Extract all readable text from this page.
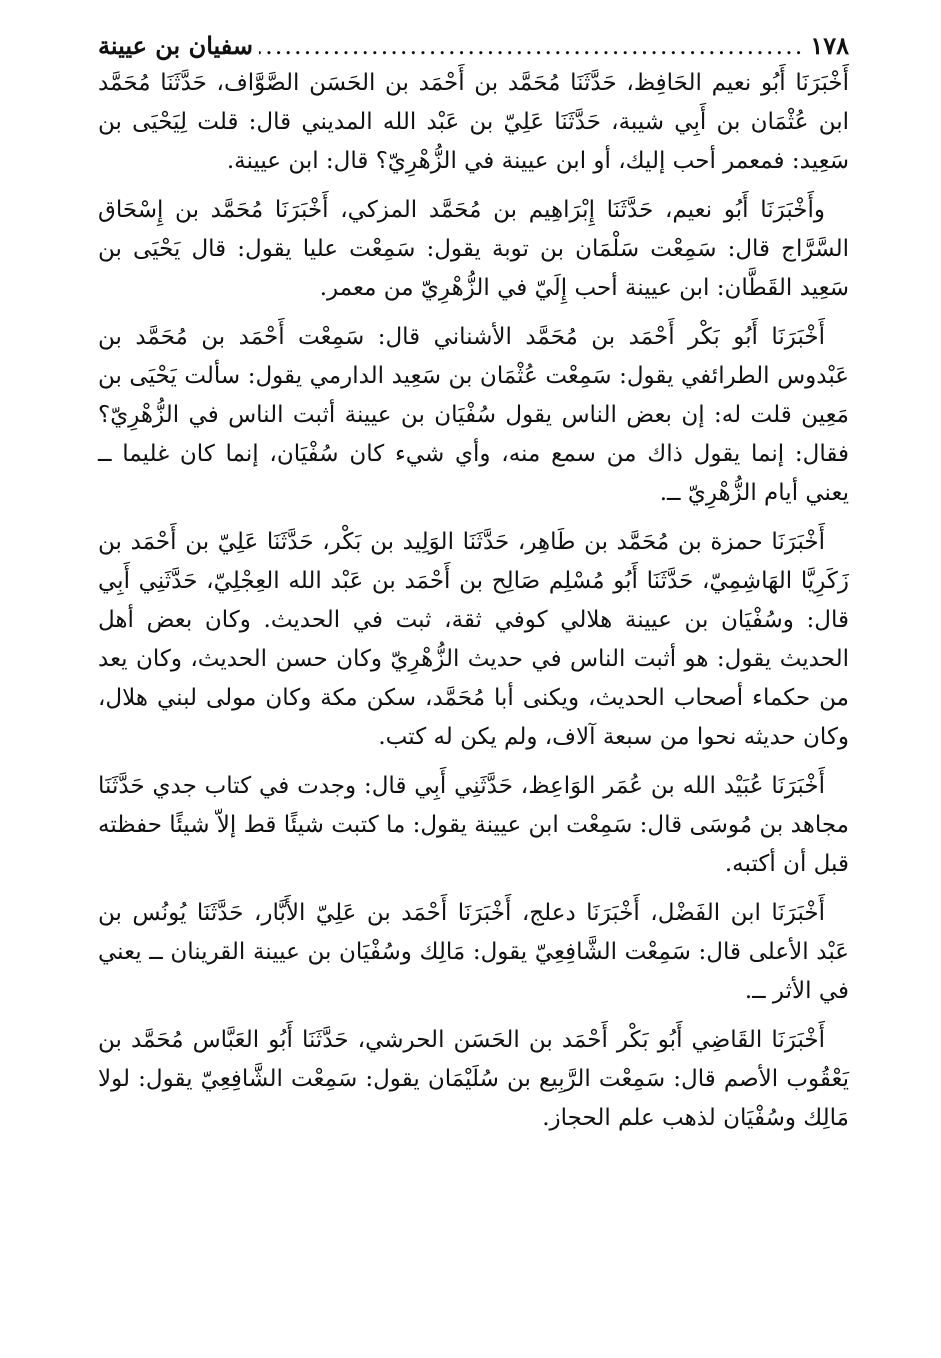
١٧٨
.....
سفيان بن عيينة

أَخْبَرَنَا أَبُو نعيم الحَافِظ، حَدَّثَنَا مُحَمَّد بن أَحْمَد بن الحَسَن الصَّوَّاف، حَدَّثَنَا مُحَمَّد ابن عُثْمَان بن أَبِي شيبة، حَدَّثَنَا عَلِيّ بن عَبْد الله المديني قال: قلت لِيَحْيَى بن سَعِيد: فمعمر أحب إليك، أو ابن عيينة في الزُّهْرِيّ؟ قال: ابن عيينة.

وأَخْبَرَنَا أَبُو نعيم، حَدَّثَنَا إِبْرَاهِيم بن مُحَمَّد المزكي، أَخْبَرَنَا مُحَمَّد بن إِسْحَاق السَّرَّاج قال: سَمِعْت سَلْمَان بن توبة يقول: سَمِعْت عليا يقول: قال يَحْيَى بن سَعِيد القَطَّان: ابن عيينة أحب إِلَيّ في الزُّهْرِيّ من معمر.

أَخْبَرَنَا أَبُو بَكْر أَحْمَد بن مُحَمَّد الأشناني قال: سَمِعْت أَحْمَد بن مُحَمَّد بن عَبْدوس الطرائفي يقول: سَمِعْت عُثْمَان بن سَعِيد الدارمي يقول: سألت يَحْيَى بن مَعِين قلت له: إن بعض الناس يقول سُفْيَان بن عيينة أثبت الناس في الزُّهْرِيّ؟ فقال: إنما يقول ذاك من سمع منه، وأي شيء كان سُفْيَان، إنما كان غليما ــ يعني أيام الزُّهْرِيّ ــ.

أَخْبَرَنَا حمزة بن مُحَمَّد بن طَاهِر، حَدَّثَنَا الوَلِيد بن بَكْر، حَدَّثَنَا عَلِيّ بن أَحْمَد بن زَكَرِيَّا الهَاشِمِيّ، حَدَّثَنَا أَبُو مُسْلِم صَالِح بن أَحْمَد بن عَبْد الله العِجْلِيّ، حَدَّثَنِي أَبِي قال: وسُفْيَان بن عيينة هلالي كوفي ثقة، ثبت في الحديث. وكان بعض أهل الحديث يقول: هو أثبت الناس في حديث الزُّهْرِيّ وكان حسن الحديث، وكان يعد من حكماء أصحاب الحديث، ويكنى أبا مُحَمَّد، سكن مكة وكان مولى لبني هلال، وكان حديثه نحوا من سبعة آلاف، ولم يكن له كتب.

أَخْبَرَنَا عُبَيْد الله بن عُمَر الوَاعِظ، حَدَّثَنِي أَبِي قال: وجدت في كتاب جدي حَدَّثَنَا مجاهد بن مُوسَى قال: سَمِعْت ابن عيينة يقول: ما كتبت شيئًا قط إلاّ شيئًا حفظته قبل أن أكتبه.

أَخْبَرَنَا ابن الفَضْل، أَخْبَرَنَا دعلج، أَخْبَرَنَا أَحْمَد بن عَلِيّ الأَبَّار، حَدَّثَنَا يُونُس بن عَبْد الأعلى قال: سَمِعْت الشَّافِعِيّ يقول: مَالِك وسُفْيَان بن عيينة القرينان ــ يعني في الأثر ــ.

أَخْبَرَنَا القَاضِي أَبُو بَكْر أَحْمَد بن الحَسَن الحرشي، حَدَّثَنَا أَبُو العَبَّاس مُحَمَّد بن يَعْقُوب الأصم قال: سَمِعْت الرَّبِيع بن سُلَيْمَان يقول: سَمِعْت الشَّافِعِيّ يقول: لولا مَالِك وسُفْيَان لذهب علم الحجاز.
